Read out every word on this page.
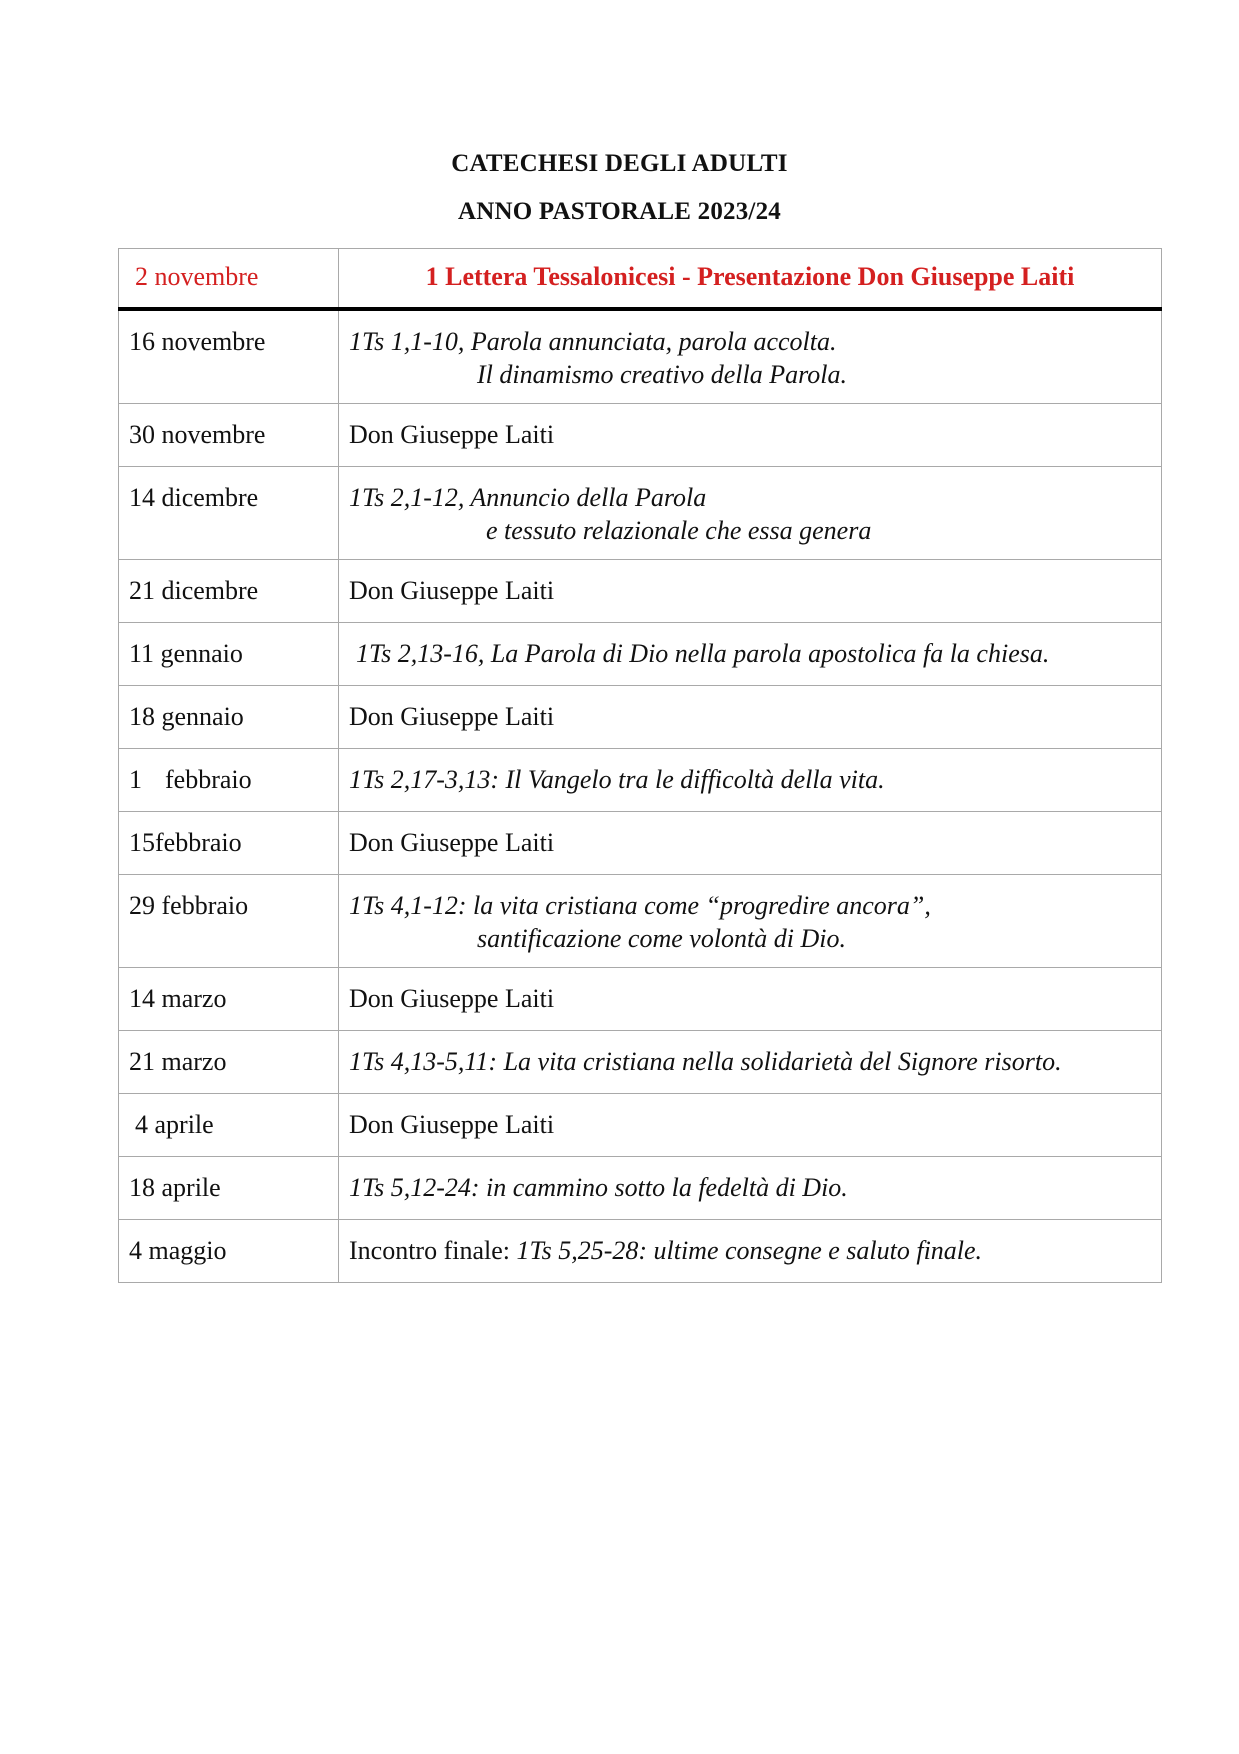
CATECHESI DEGLI ADULTI
ANNO PASTORALE 2023/24
2 novembre	1 Lettera Tessalonicesi - Presentazione Don Giuseppe Laiti
16 novembre	1Ts 1,1-10, Parola annunciata, parola accolta.
Il dinamismo creativo della Parola.

30 novembre	Don Giuseppe Laiti
14 dicembre	1Ts 2,1-12, Annuncio della Parola
e tessuto relazionale che essa genera

21 dicembre	Don Giuseppe Laiti
11 gennaio	1Ts 2,13-16, La Parola di Dio nella parola apostolica fa la chiesa.
18 gennaio	Don Giuseppe Laiti
1 febbraio	1Ts 2,17-3,13: Il Vangelo tra le difficoltà della vita.
15febbraio	Don Giuseppe Laiti
29 febbraio	1Ts 4,1-12: la vita cristiana come “progredire ancora”,
santificazione come volontà di Dio.

14 marzo	Don Giuseppe Laiti
21 marzo	1Ts 4,13-5,11: La vita cristiana nella solidarietà del Signore risorto.
4 aprile	Don Giuseppe Laiti
18 aprile	1Ts 5,12-24: in cammino sotto la fedeltà di Dio.
4 maggio	Incontro finale: 1Ts 5,25-28: ultime consegne e saluto finale.
